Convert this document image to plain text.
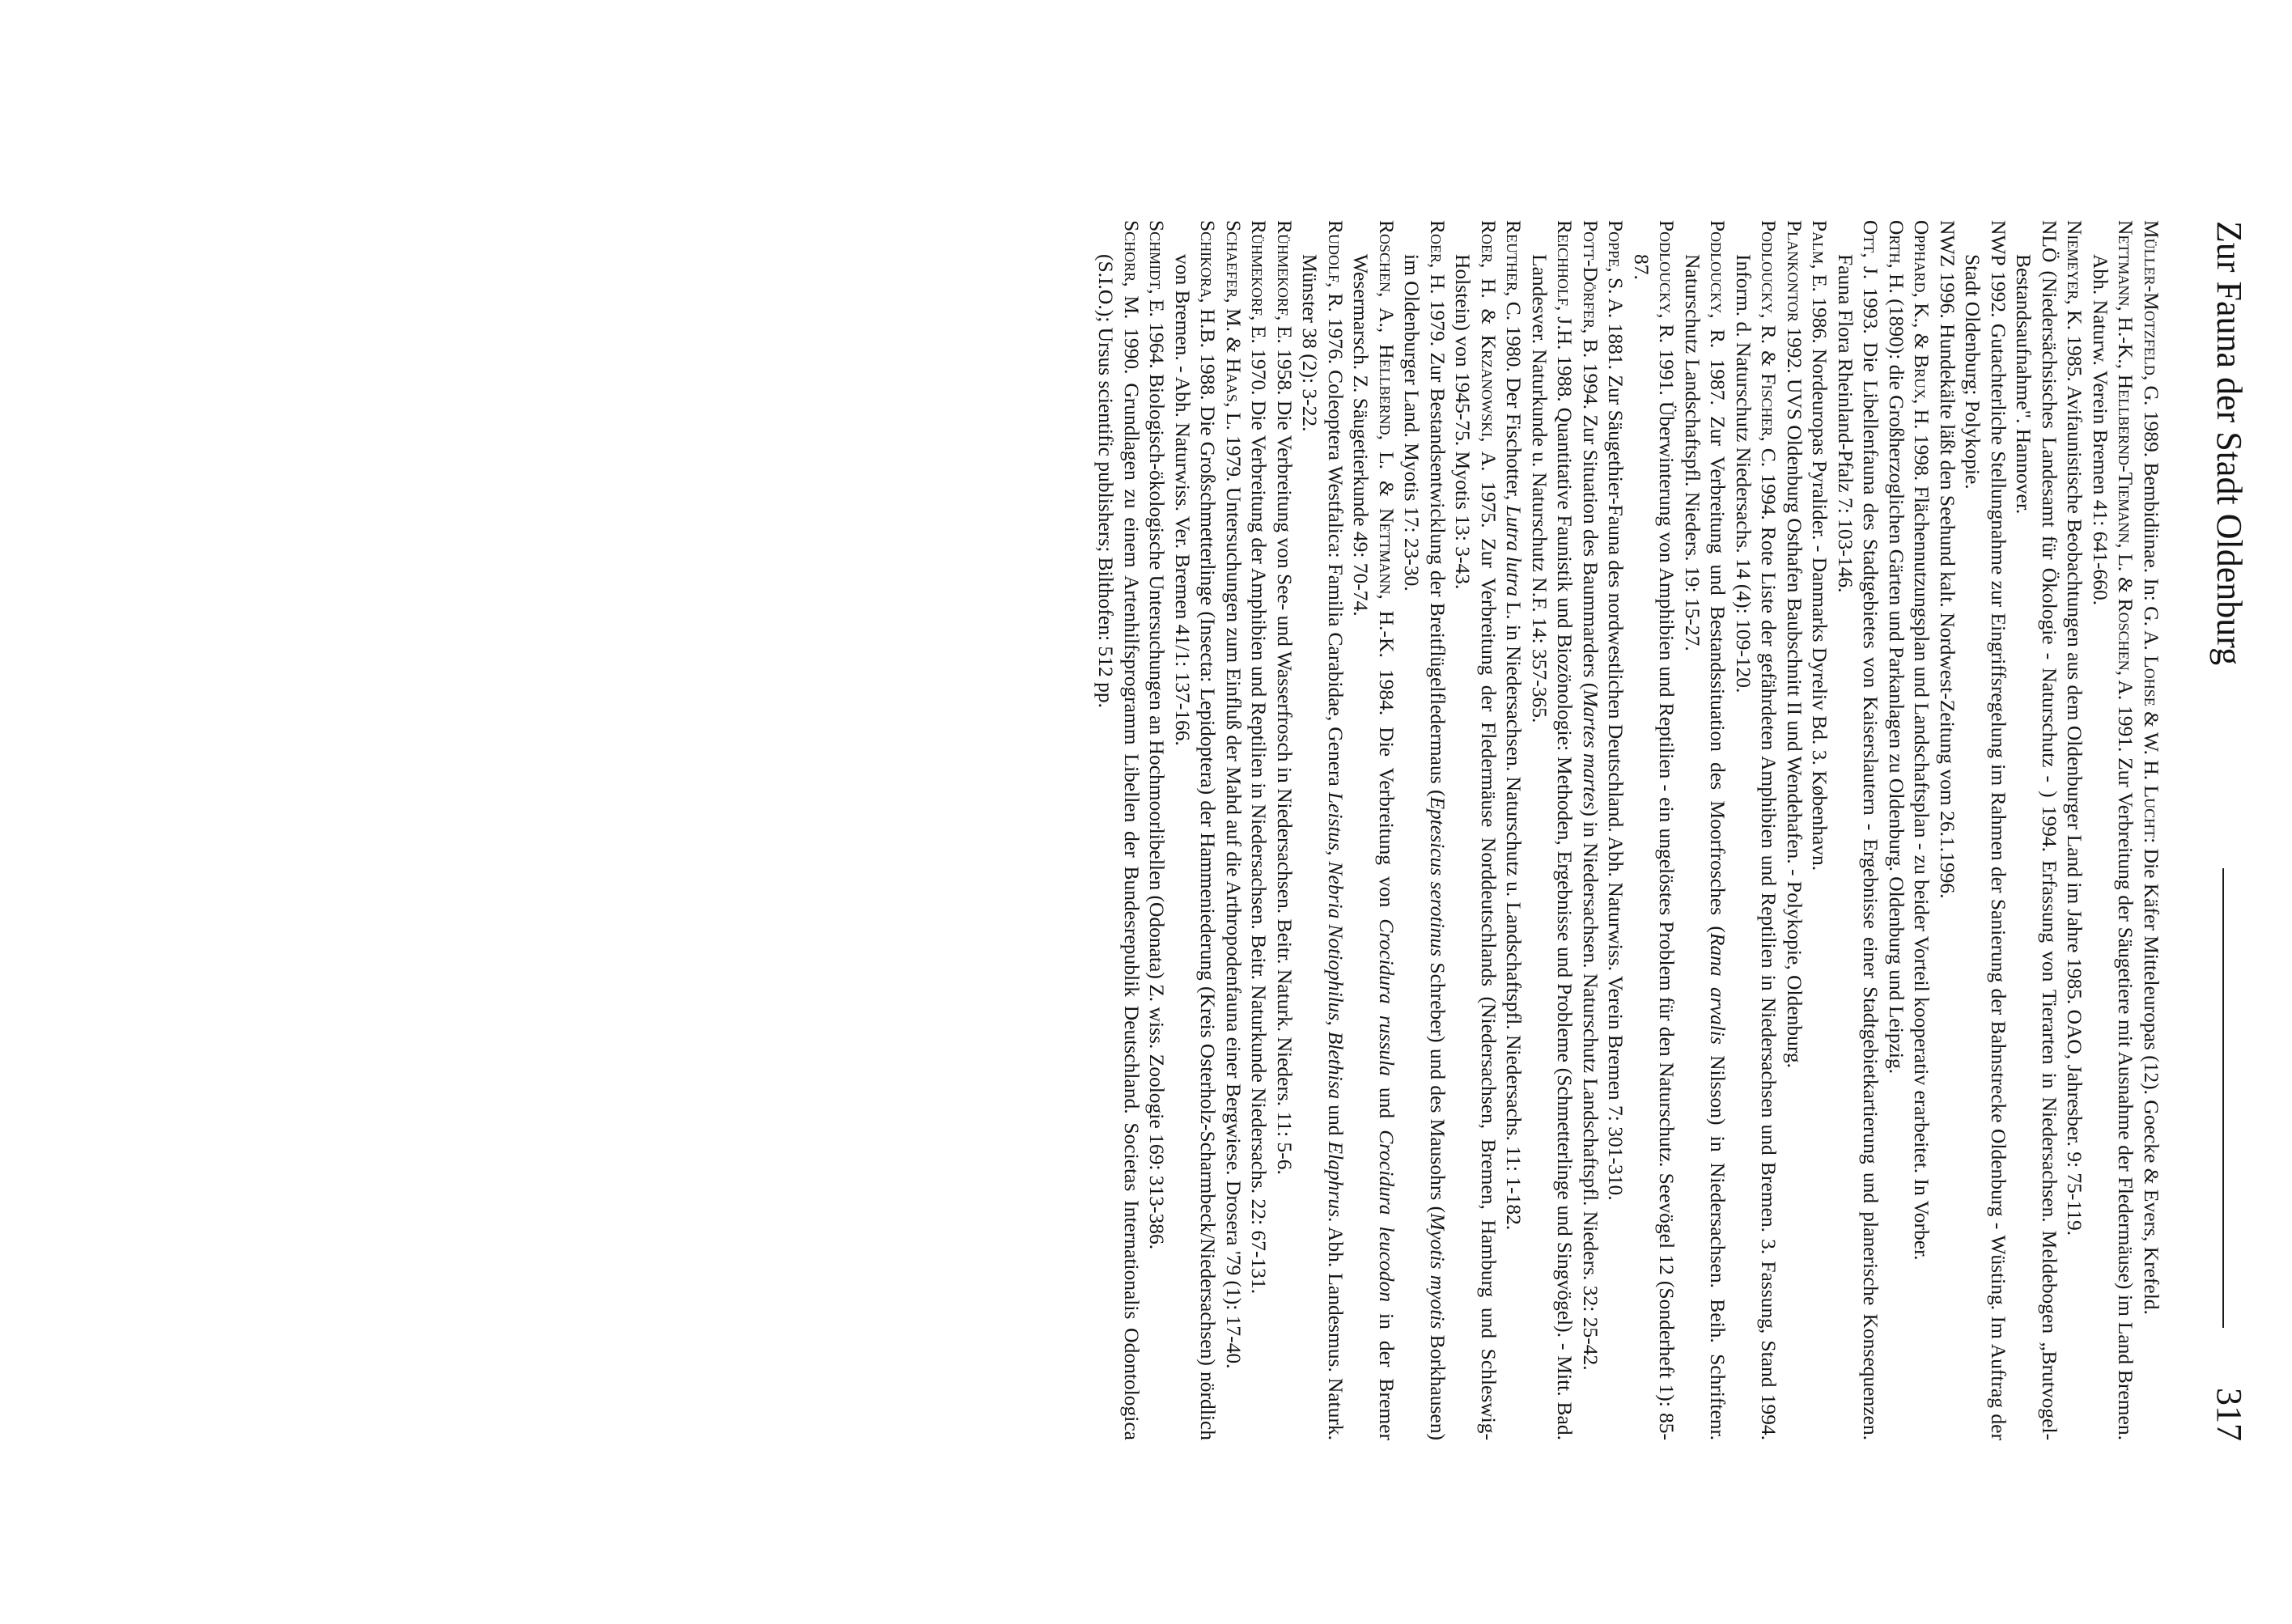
Zur Fauna der Stadt Oldenburg
317

Müller-Motzfeld, G. 1989. Bembidiinae. In: G. A. Lohse & W. H. Lucht: Die Käfer Mitteleuropas (12). Goecke & Evers, Krefeld.

Nettmann, H.-K., Hellbernd-Tiemann, L. & Roschen, A. 1991. Zur Verbreitung der Säugetiere mit Ausnahme der Fledermäuse) im Land Bremen. Abh. Naturw. Verein Bremen 41: 641-660.

Niemeyer, K. 1985. Avifaunistische Beobachtungen aus dem Oldenburger Land im Jahre 1985. OAO, Jahresber. 9: 75-119.

NLÖ (Niedersächsisches Landesamt für Ökologie - Naturschutz - ) 1994. Erfassung von Tierarten in Niedersachsen. Meldebogen „Brutvogel-Bestandsaufnahme". Hannover.

NWP 1992. Gutachterliche Stellungnahme zur Eingriffsregelung im Rahmen der Sanierung der Bahnstrecke Oldenburg - Wüsting. Im Auftrag der Stadt Oldenburg; Polykopie.

NWZ 1996. Hundekälte läßt den Seehund kalt. Nordwest-Zeitung vom 26.1.1996.

Opphard, K., & Brux, H. 1998. Flächennutzungsplan und Landschaftsplan - zu beider Vorteil kooperativ erarbeitet. In Vorber.

Orth, H. (1890): die Großherzoglichen Gärten und Parkanlagen zu Oldenburg. Oldenburg und Leipzig.

Ott, J. 1993. Die Libellenfauna des Stadtgebietes von Kaiserslautern - Ergebnisse einer Stadtgebietkartierung und planerische Konsequenzen. Fauna Flora Rheinland-Pfalz 7: 103-146.

Palm, E. 1986. Nordeuropas Pyralider. - Danmarks Dyreliv Bd. 3. København.

Plankontor 1992. UVS Oldenburg Osthafen Baubschnitt II und Wendehafen. - Polykopie, Oldenburg.

Podloucky, R. & Fischer, C. 1994. Rote Liste der gefährdeten Amphibien und Reptilien in Niedersachsen und Bremen. 3. Fassung, Stand 1994. Inform. d. Naturschutz Niedersachs. 14 (4): 109-120.

Podloucky, R. 1987. Zur Verbreitung und Bestandssituation des Moorfrosches (Rana arvalis Nilsson) in Niedersachsen. Beih. Schriftenr. Naturschutz Landschaftspfl. Nieders. 19: 15-27.

Podloucky, R. 1991. Überwinterung von Amphibien und Reptilien - ein ungelöstes Problem für den Naturschutz. Seevögel 12 (Sonderheft 1): 85-87.

Poppe, S. A. 1881. Zur Säugethier-Fauna des nordwestlichen Deutschland. Abh. Naturwiss. Verein Bremen 7: 301-310.

Pott-Dörfer, B. 1994. Zur Situation des Baummarders (Martes martes) in Niedersachsen. Naturschutz Landschaftspfl. Nieders. 32: 25-42.

Reichholf, J.H. 1988. Quantitative Faunistik und Biozönologie: Methoden, Ergebnisse und Probleme (Schmetterlinge und Singvögel). - Mitt. Bad. Landesver. Naturkunde u. Naturschutz N.F. 14: 357-365.

Reuther, C. 1980. Der Fischotter, Lutra lutra L. in Niedersachsen. Naturschutz u. Landschaftspfl. Niedersachs. 11: 1-182.

Roer, H. & Krzanowski, A. 1975. Zur Verbreitung der Fledermäuse Norddeutschlands (Niedersachsen, Bremen, Hamburg und Schleswig-Holstein) von 1945-75. Myotis 13: 3-43.

Roer, H. 1979. Zur Bestandsentwicklung der Breitflügelfledermaus (Eptesicus serotinus Schreber) und des Mausohrs (Myotis myotis Borkhausen) im Oldenburger Land. Myotis 17: 23-30.

Roschen, A., Hellbernd, L. & Nettmann, H.-K. 1984. Die Verbreitung von Crocidura russula und Crocidura leucodon in der Bremer Wesermarsch. Z. Säugetierkunde 49: 70-74.

Rudolf, R. 1976. Coleoptera Westfalica: Familia Carabidae, Genera Leistus, Nebria Notiophilus, Blethisa und Elaphrus. Abh. Landesmus. Naturk. Münster 38 (2): 3-22.

Rühmekorf, E. 1958. Die Verbreitung von See- und Wasserfrosch in Niedersachsen. Beitr. Naturk. Nieders. 11: 5-6.

Rühmekorf, E. 1970. Die Verbreitung der Amphibien und Reptilien in Niedersachsen. Beitr. Naturkunde Niedersachs. 22: 67-131.

Schaefer, M. & Haas, L. 1979. Untersuchungen zum Einfluß der Mahd auf die Arthropodenfauna einer Bergwiese. Drosera '79 (1): 17-40.

Schikora, H.B. 1988. Die Großschmetterlinge (Insecta: Lepidoptera) der Hammeniederung (Kreis Osterholz-Scharmbeck/Niedersachsen) nördlich von Bremen. - Abh. Naturwiss. Ver. Bremen 41/1: 137-166.

Schmidt, E. 1964. Biologisch-ökologische Untersuchungen an Hochmoorlibellen (Odonata) Z. wiss. Zoologie 169: 313-386.

Schorr, M. 1990. Grundlagen zu einem Artenhilfsprogramm Libellen der Bundesrepublik Deutschland. Societas Internationalis Odontologica (S.I.O.); Ursus scientific publishers; Bilthofen: 512 pp.
